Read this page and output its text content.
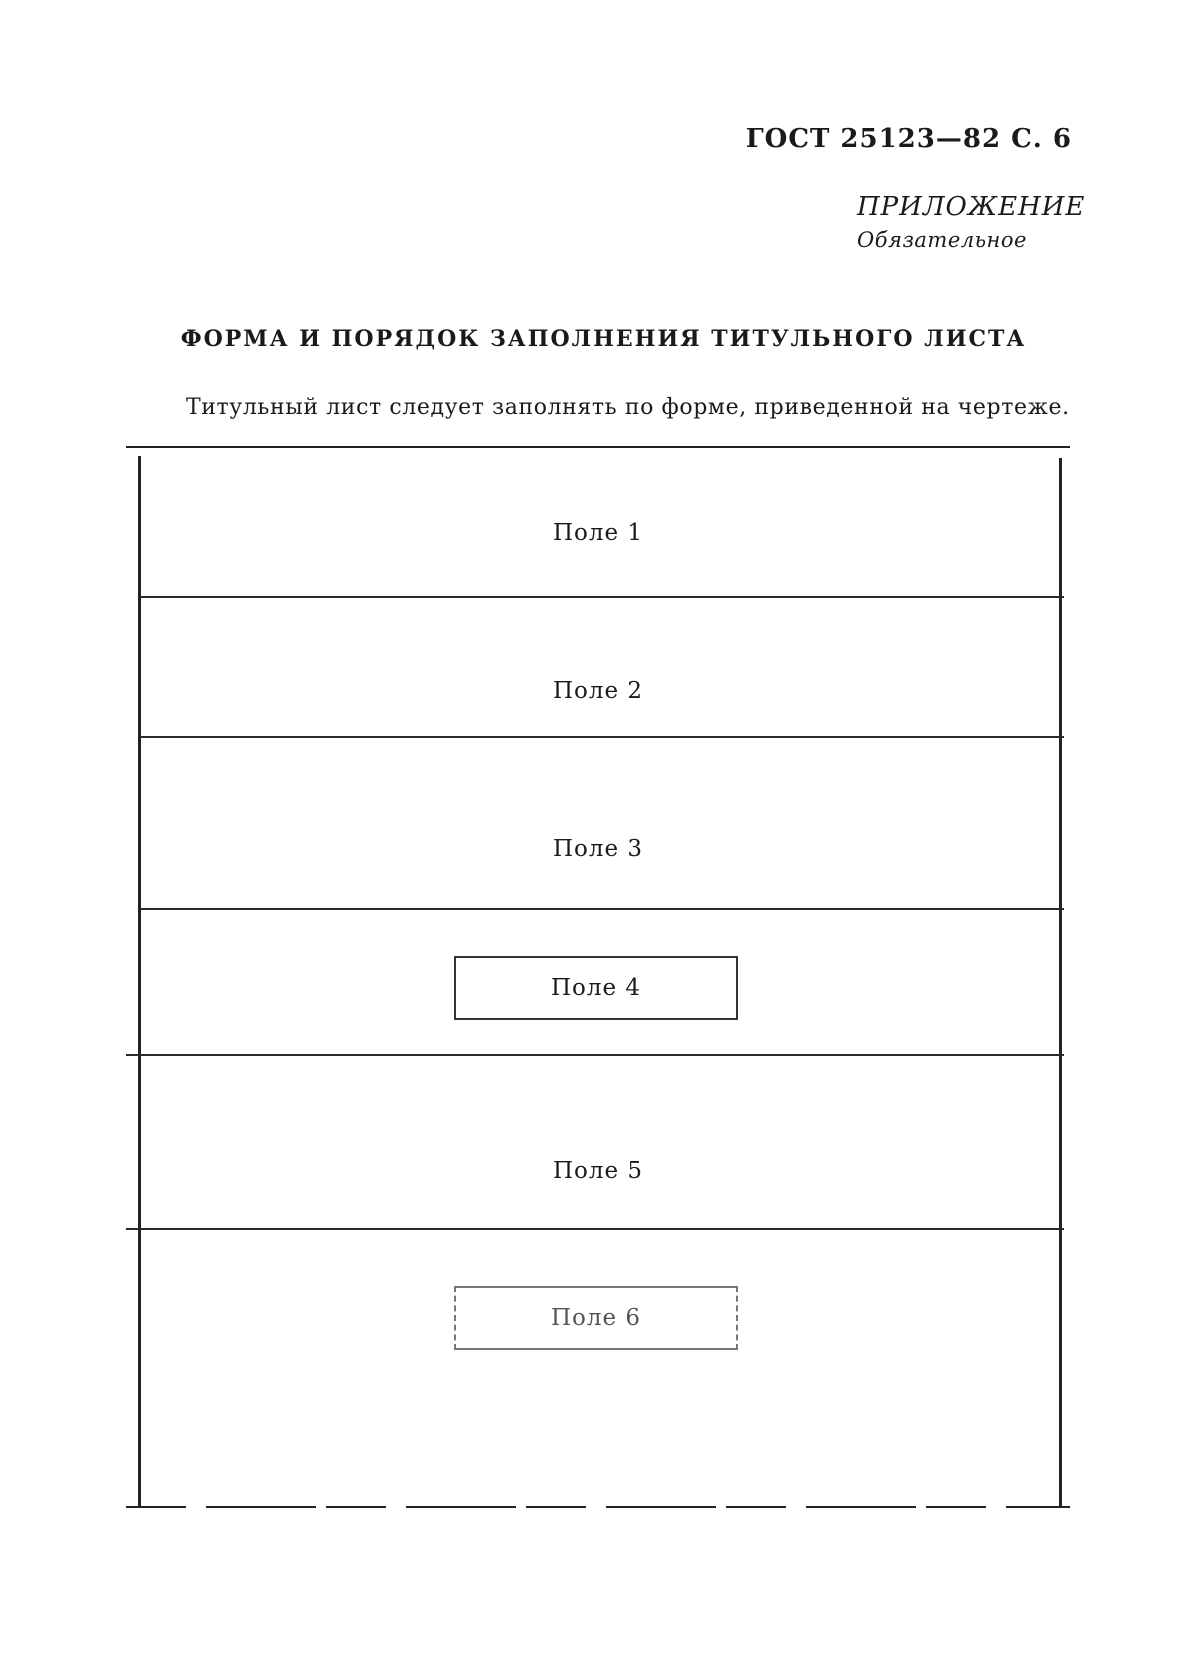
ГОСТ 25123—82 С. 6
ПРИЛОЖЕНИЕ
Обязательное
ФОРМА И ПОРЯДОК ЗАПОЛНЕНИЯ ТИТУЛЬНОГО ЛИСТА
Титульный лист следует заполнять по форме, приведенной на чертеже.
Поле 1
Поле 2
Поле 3
Поле 4
Поле 5
Поле 6
